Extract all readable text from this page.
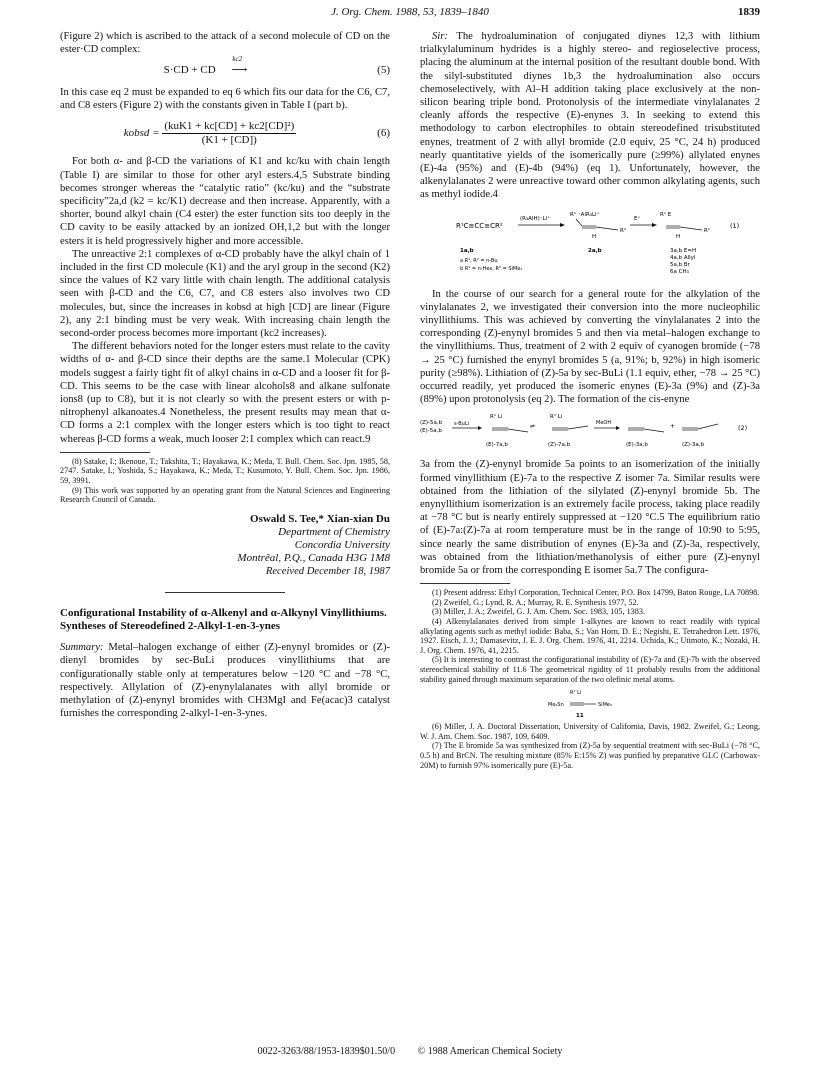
J. Org. Chem. 1988, 53, 1839–1840	1839

(Figure 2) which is ascribed to the attack of a second molecule of CD on the ester·CD complex:

S·CD + CD
kc2
⟶	(5)

In this case eq 2 must be expanded to eq 6 which fits our data for the C6, C7, and C8 esters (Figure 2) with the constants given in Table I (part b).

kobsd = $\frac{\text{(kuK1 + kc[CD] + kc2[CD]²)}}{(K1 + [CD])}$	(6)

For both α- and β-CD the variations of K1 and kc/ku with chain length (Table I) are similar to those for other aryl esters.4,5 Substrate binding becomes stronger whereas the “catalytic ratio” (kc/ku) and the “substrate specificity”2a,d (k2 = kc/K1) decrease and then increase. Apparently, with a shorter, bound alkyl chain (C4 ester) the ester function sits too deeply in the CD cavity to be easily attacked by an ionized OH,1,2 but with the longer esters it is held progressively higher and more accessible.

The unreactive 2:1 complexes of α-CD probably have the alkyl chain of 1 included in the first CD molecule (K1) and the aryl group in the second (K2) since the values of K2 vary little with chain length. The additional catalysis seen with β-CD and the C6, C7, and C8 esters also involves two CD molecules, but, since the increases in kobsd at high [CD] are linear (Figure 2), any 2:1 binding must be very weak. With increasing chain length the second-order process becomes more important (kc2 increases).

The different behaviors noted for the longer esters must relate to the cavity widths of α- and β-CD since their depths are the same.1 Molecular (CPK) models suggest a fairly tight fit of alkyl chains in α-CD and a looser fit for β-CD. This seems to be the case with linear alcohols8 and alkane sulfonate ions8 (up to C8), but it is not clearly so with the present esters or with p-nitrophenyl alkanoates.4 Nonetheless, the present results may mean that α-CD forms a 2:1 complex with the longer esters which is too tight to react whereas β-CD forms a weak, much looser 2:1 complex which can react.9

(8) Satake, I.; Ikenoue, T.; Takshita, T.; Hayakawa, K.; Meda, T. Bull. Chem. Soc. Jpn. 1985, 58, 2747. Satake, I.; Yoshida, S.; Hayakawa, K.; Meda, T.; Kusumoto, Y. Bull. Chem. Soc. Jpn. 1986, 59, 3991.

(9) This work was supported by an operating grant from the Natural Sciences and Engineering Research Council of Canada.

Oswald S. Tee,* Xian-xian Du
Department of Chemistry
Concordia University
Montrêal, P.Q., Canada H3G 1M8
Received December 18, 1987
Configurational Instability of α-Alkenyl and α-Alkynyl Vinyllithiums. Syntheses of Stereodefined 2-Alkyl-1-en-3-ynes

Summary: Metal–halogen exchange of either (Z)-enynyl bromides or (Z)-dienyl bromides by sec-BuLi produces vinyllithiums that are configurationally stable only at temperatures below −120 °C and −78 °C, respectively. Allylation of (Z)-enynylalanates with allyl bromide or methylation of (Z)-enynyl bromides with CH3MgI and Fe(acac)3 catalyst furnishes the corresponding 2-alkyl-1-en-3-ynes.

Sir: The hydroalumination of conjugated diynes 12,3 with lithium trialkylaluminum hydrides is a highly stereo- and regioselective process, placing the aluminum at the internal position of the resultant double bond. With the silyl-substituted diynes 1b,3 the hydroalumination also occurs chemoselectively, with Al–H addition taking place exclusively at the non-silicon bearing triple bond. Protonolysis of the intermediate vinylalanates 2 cleanly affords the respective (E)-enynes 3. In seeking to extend this methodology to carbon electrophiles to obtain stereodefined trisubstituted enynes, treatment of 2 with allyl bromide (2.0 equiv, 25 °C, 24 h) produced nearly quantitative yields of the isomerically pure (≥99%) allylated enynes (E)-4a (95%) and (E)-4b (94%) (eq 1). Unfortunately, however, the alkenylalanates 2 were unreactive toward other common alkylating agents, such as methyl iodide.4

R¹C≡CC≡CR²
(R₃AlH)⁻Li⁺
R¹ ⁻AlR₃Li⁺
R²
H
E⁺
R¹ E
R²
H
(1)
1a,b
a R¹, R² = n-Bu
b R¹ = n-Hex, R² = SiMe₃
2a,b	3a,b E=H
4a,b Allyl
5a,b Br
6a CH₃

In the course of our search for a general route for the alkylation of the vinylalanates 2, we investigated their conversion into the more nucleophilic vinyllithiums. This was achieved by converting the vinylalanates 2 into the corresponding (Z)-enynyl bromides 5 and then via metal–halogen exchange to the vinyllithiums. Thus, treatment of 2 with 2 equiv of cyanogen bromide (−78 → 25 °C) furnished the enynyl bromides 5 (a, 91%; b, 92%) in high isomeric purity (≥98%). Lithiation of (Z)-5a by sec-BuLi (1.1 equiv, ether, −78 → 25 °C) occurred readily, yet produced the isomeric enynes (E)-3a (9%) and (Z)-3a (89%) upon protonolysis (eq 2). The formation of the cis-enyne

(Z)-5a,b
(E)-5a,b
s-BuLi
R¹ Li
⇌
R¹ Li
MeOH	+	(2)
(E)-7a,b	(Z)-7a,b	(E)-3a,b	(Z)-3a,b

3a from the (Z)-enynyl bromide 5a points to an isomerization of the initially formed vinyllithium (E)-7a to the respective Z isomer 7a. Similar results were obtained from the lithiation of the silylated (Z)-enynyl bromide 5b. The enynyllithium isomerization is an extremely facile process, taking place readily at −78 °C but is nearly entirely suppressed at −120 °C.5 The equilibrium ratio of (E)-7a:(Z)-7a at room temperature must be in the range of 10:90 to 5:95, since nearly the same distribution of enynes (E)-3a and (Z)-3a, respectively, was obtained from the lithiation/methanolysis of either pure (Z)-enynyl bromide 5a or from the corresponding E isomer 5a.7 The configura-

(1) Present address: Ethyl Corporation, Technical Center, P.O. Box 14799, Baton Rouge, LA 70898.

(2) Zweifel, G.; Lynd, R. A.; Murray, R. E. Synthesis 1977, 52.

(3) Miller, J. A.; Zweifel, G. J. Am. Chem. Soc. 1983, 105, 1383.

(4) Alkenylalanates derived from simple 1-alkynes are known to react readily with typical alkylating agents such as methyl iodide: Baba, S.; Van Horn, D. E.; Negishi, E. Tetrahedron Lett. 1976, 1927. Eisch, J. J.; Damasevitz, J. E. J. Org. Chem. 1976, 41, 2214. Uchida, K.; Utimoto, K.; Nozaki, H. J. Org. Chem. 1976, 41, 2215.

(5) It is interesting to contrast the configurational instability of (E)-7a and (E)-7b with the observed stereochemical stability of 11.6 The geometrical rigidity of 11 probably results from the additional stability gained through maximum separation of the two olefinic metal atoms.

R¹ Li
Me₃Sn	SiMe₃
11

(6) Miller, J. A. Doctoral Dissertation, University of California, Davis, 1982. Zweifel, G.; Leong, W. J. Am. Chem. Soc. 1987, 109, 6409.

(7) The E bromide 5a was synthesized from (Z)-5a by sequential treatment with sec-BuLi (−78 °C, 0.5 h) and BrCN. The resulting mixture (85% E:15% Z) was purified by preparative GLC (Carbowax-20M) to furnish 97% isomerically pure (E)-5a.

0022-3263/88/1953-1839$01.50/0 © 1988 American Chemical Society
